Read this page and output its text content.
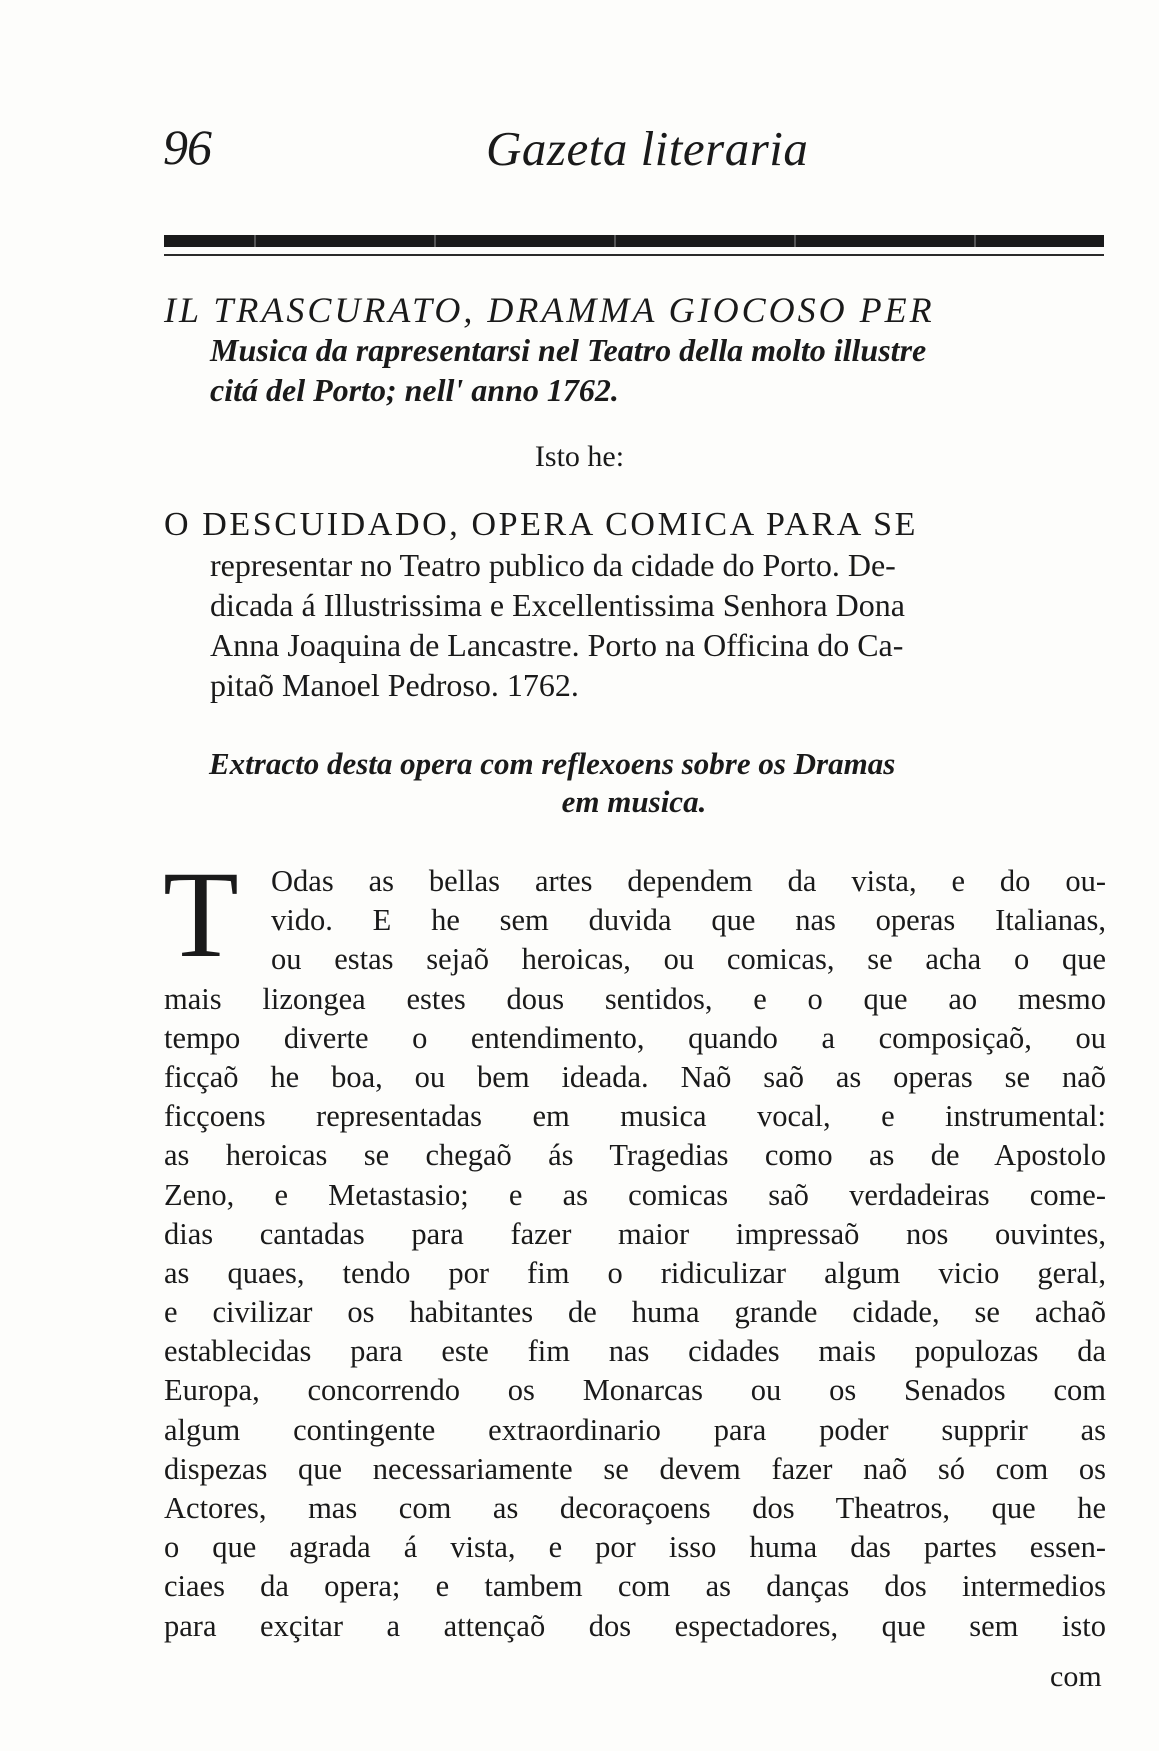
96	Gazeta literaria
IL TRASCURATO, DRAMMA GIOCOSO PER
Musica da rapresentarsi nel Teatro della molto illustre
citá del Porto; nell' anno 1762.
Isto he:
O DESCUIDADO, OPERA COMICA PARA SE
representar no Teatro publico da cidade do Porto. De-
dicada á Illustrissima e Excellentissima Senhora Dona
Anna Joaquina de Lancastre. Porto na Officina do Ca-
pitaõ Manoel Pedroso. 1762.
Extracto desta opera com reflexoens sobre os Dramas
em musica.
T	Odas as bellas artes dependem da vista, e do ou-
vido. E he sem duvida que nas operas Italianas,
ou estas sejaõ heroicas, ou comicas, se acha o que
mais lizongea estes dous sentidos, e o que ao mesmo
tempo diverte o entendimento, quando a composiçaõ, ou
ficçaõ he boa, ou bem ideada. Naõ saõ as operas se naõ
ficçoens representadas em musica vocal, e instrumental:
as heroicas se chegaõ ás Tragedias como as de Apostolo
Zeno, e Metastasio; e as comicas saõ verdadeiras come-
dias cantadas para fazer maior impressaõ nos ouvintes,
as quaes, tendo por fim o ridiculizar algum vicio geral,
e civilizar os habitantes de huma grande cidade, se achaõ
establecidas para este fim nas cidades mais populozas da
Europa, concorrendo os Monarcas ou os Senados com
algum contingente extraordinario para poder supprir as
dispezas que necessariamente se devem fazer naõ só com os
Actores, mas com as decoraçoens dos Theatros, que he
o que agrada á vista, e por isso huma das partes essen-
ciaes da opera; e tambem com as danças dos intermedios
para exçitar a attençaõ dos espectadores, que sem isto
com
